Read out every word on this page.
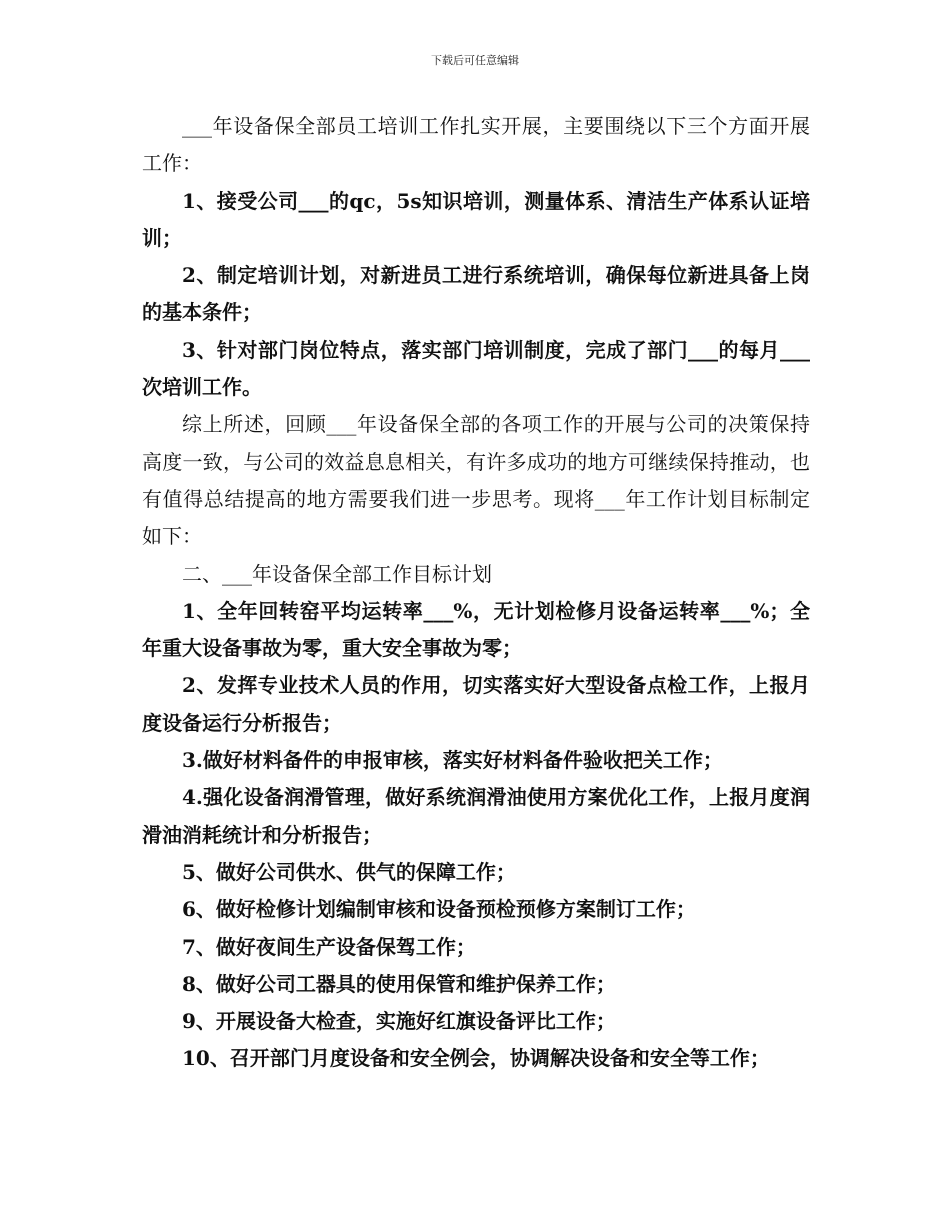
下载后可任意编辑

___年设备保全部员工培训工作扎实开展，主要围绕以下三个方面开展工作：

1、接受公司___的qc，5s知识培训，测量体系、清洁生产体系认证培训；

2、制定培训计划，对新进员工进行系统培训，确保每位新进具备上岗的基本条件；

3、针对部门岗位特点，落实部门培训制度，完成了部门___的每月___次培训工作。

综上所述，回顾___年设备保全部的各项工作的开展与公司的决策保持高度一致，与公司的效益息息相关，有许多成功的地方可继续保持推动，也有值得总结提高的地方需要我们进一步思考。现将___年工作计划目标制定如下：

二、___年设备保全部工作目标计划

1、全年回转窑平均运转率___%，无计划检修月设备运转率___%；全年重大设备事故为零，重大安全事故为零；

2、发挥专业技术人员的作用，切实落实好大型设备点检工作，上报月度设备运行分析报告；

3.做好材料备件的申报审核，落实好材料备件验收把关工作；

4.强化设备润滑管理，做好系统润滑油使用方案优化工作，上报月度润滑油消耗统计和分析报告；

5、做好公司供水、供气的保障工作；

6、做好检修计划编制审核和设备预检预修方案制订工作；

7、做好夜间生产设备保驾工作；

8、做好公司工器具的使用保管和维护保养工作；

9、开展设备大检查，实施好红旗设备评比工作；

10、召开部门月度设备和安全例会，协调解决设备和安全等工作；
